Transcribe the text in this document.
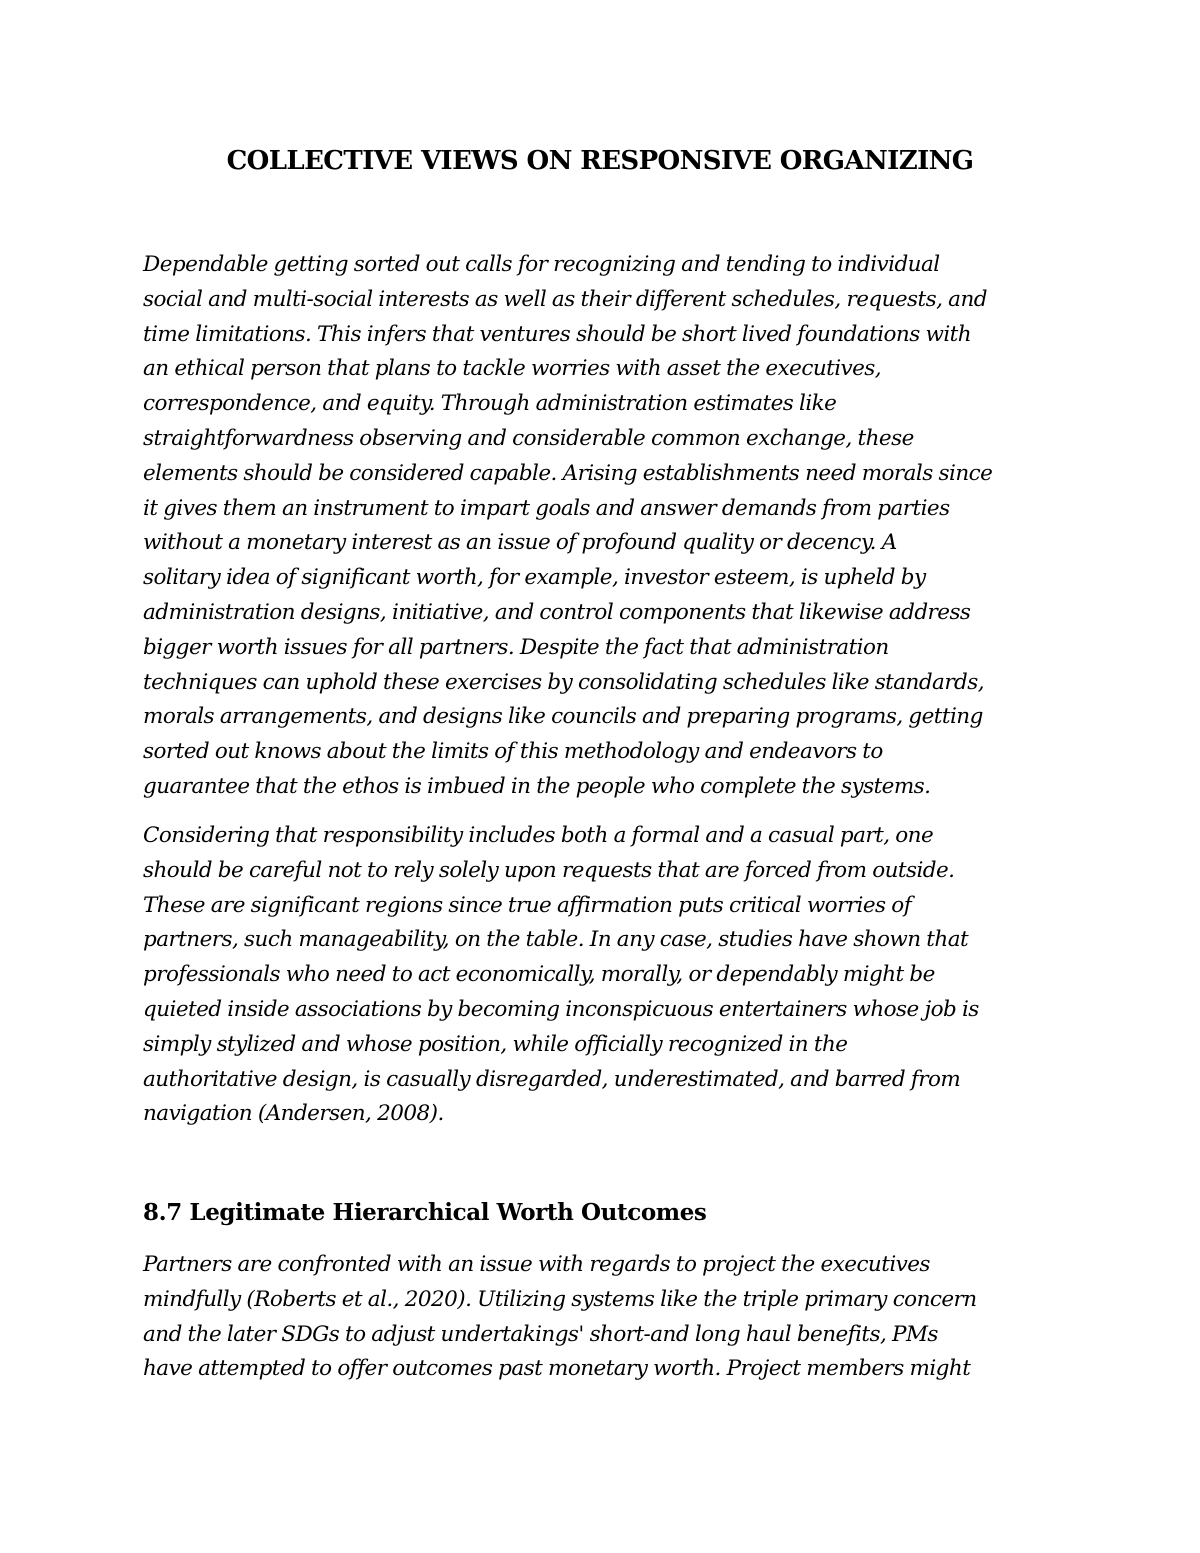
COLLECTIVE VIEWS ON RESPONSIVE ORGANIZING

Dependable getting sorted out calls for recognizing and tending to individual
social and multi-social interests as well as their different schedules, requests, and
time limitations. This infers that ventures should be short lived foundations with
an ethical person that plans to tackle worries with asset the executives,
correspondence, and equity. Through administration estimates like
straightforwardness observing and considerable common exchange, these
elements should be considered capable. Arising establishments need morals since
it gives them an instrument to impart goals and answer demands from parties
without a monetary interest as an issue of profound quality or decency. A
solitary idea of significant worth, for example, investor esteem, is upheld by
administration designs, initiative, and control components that likewise address
bigger worth issues for all partners. Despite the fact that administration
techniques can uphold these exercises by consolidating schedules like standards,
morals arrangements, and designs like councils and preparing programs, getting
sorted out knows about the limits of this methodology and endeavors to
guarantee that the ethos is imbued in the people who complete the systems.

Considering that responsibility includes both a formal and a casual part, one
should be careful not to rely solely upon requests that are forced from outside.
These are significant regions since true affirmation puts critical worries of
partners, such manageability, on the table. In any case, studies have shown that
professionals who need to act economically, morally, or dependably might be
quieted inside associations by becoming inconspicuous entertainers whose job is
simply stylized and whose position, while officially recognized in the
authoritative design, is casually disregarded, underestimated, and barred from
navigation (Andersen, 2008).

8.7 Legitimate Hierarchical Worth Outcomes

Partners are confronted with an issue with regards to project the executives
mindfully (Roberts et al., 2020). Utilizing systems like the triple primary concern
and the later SDGs to adjust undertakings' short-and long haul benefits, PMs
have attempted to offer outcomes past monetary worth. Project members might
